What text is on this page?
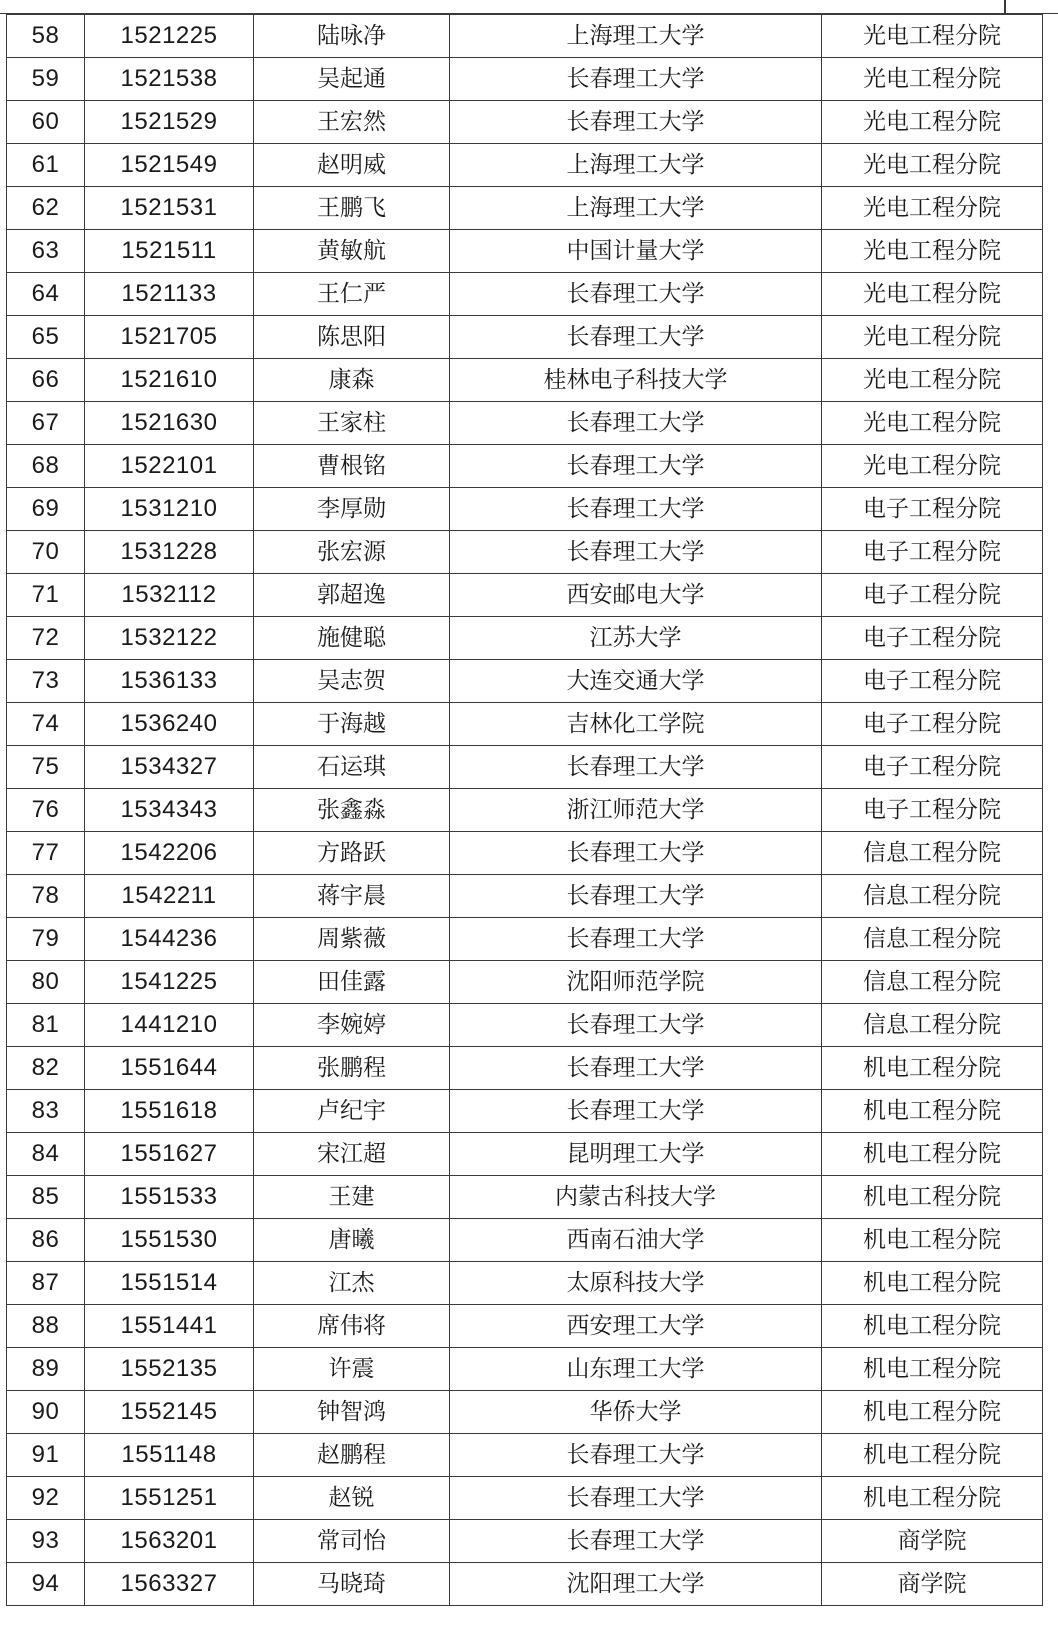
58	1521225	陆咏净	上海理工大学	光电工程分院
59	1521538	吴起通	长春理工大学	光电工程分院
60	1521529	王宏然	长春理工大学	光电工程分院
61	1521549	赵明威	上海理工大学	光电工程分院
62	1521531	王鹏飞	上海理工大学	光电工程分院
63	1521511	黄敏航	中国计量大学	光电工程分院
64	1521133	王仁严	长春理工大学	光电工程分院
65	1521705	陈思阳	长春理工大学	光电工程分院
66	1521610	康森	桂林电子科技大学	光电工程分院
67	1521630	王家柱	长春理工大学	光电工程分院
68	1522101	曹根铭	长春理工大学	光电工程分院
69	1531210	李厚勋	长春理工大学	电子工程分院
70	1531228	张宏源	长春理工大学	电子工程分院
71	1532112	郭超逸	西安邮电大学	电子工程分院
72	1532122	施健聪	江苏大学	电子工程分院
73	1536133	吴志贺	大连交通大学	电子工程分院
74	1536240	于海越	吉林化工学院	电子工程分院
75	1534327	石运琪	长春理工大学	电子工程分院
76	1534343	张鑫淼	浙江师范大学	电子工程分院
77	1542206	方路跃	长春理工大学	信息工程分院
78	1542211	蒋宇晨	长春理工大学	信息工程分院
79	1544236	周紫薇	长春理工大学	信息工程分院
80	1541225	田佳露	沈阳师范学院	信息工程分院
81	1441210	李婉婷	长春理工大学	信息工程分院
82	1551644	张鹏程	长春理工大学	机电工程分院
83	1551618	卢纪宇	长春理工大学	机电工程分院
84	1551627	宋江超	昆明理工大学	机电工程分院
85	1551533	王建	内蒙古科技大学	机电工程分院
86	1551530	唐曦	西南石油大学	机电工程分院
87	1551514	江杰	太原科技大学	机电工程分院
88	1551441	席伟将	西安理工大学	机电工程分院
89	1552135	许震	山东理工大学	机电工程分院
90	1552145	钟智鸿	华侨大学	机电工程分院
91	1551148	赵鹏程	长春理工大学	机电工程分院
92	1551251	赵锐	长春理工大学	机电工程分院
93	1563201	常司怡	长春理工大学	商学院
94	1563327	马晓琦	沈阳理工大学	商学院
